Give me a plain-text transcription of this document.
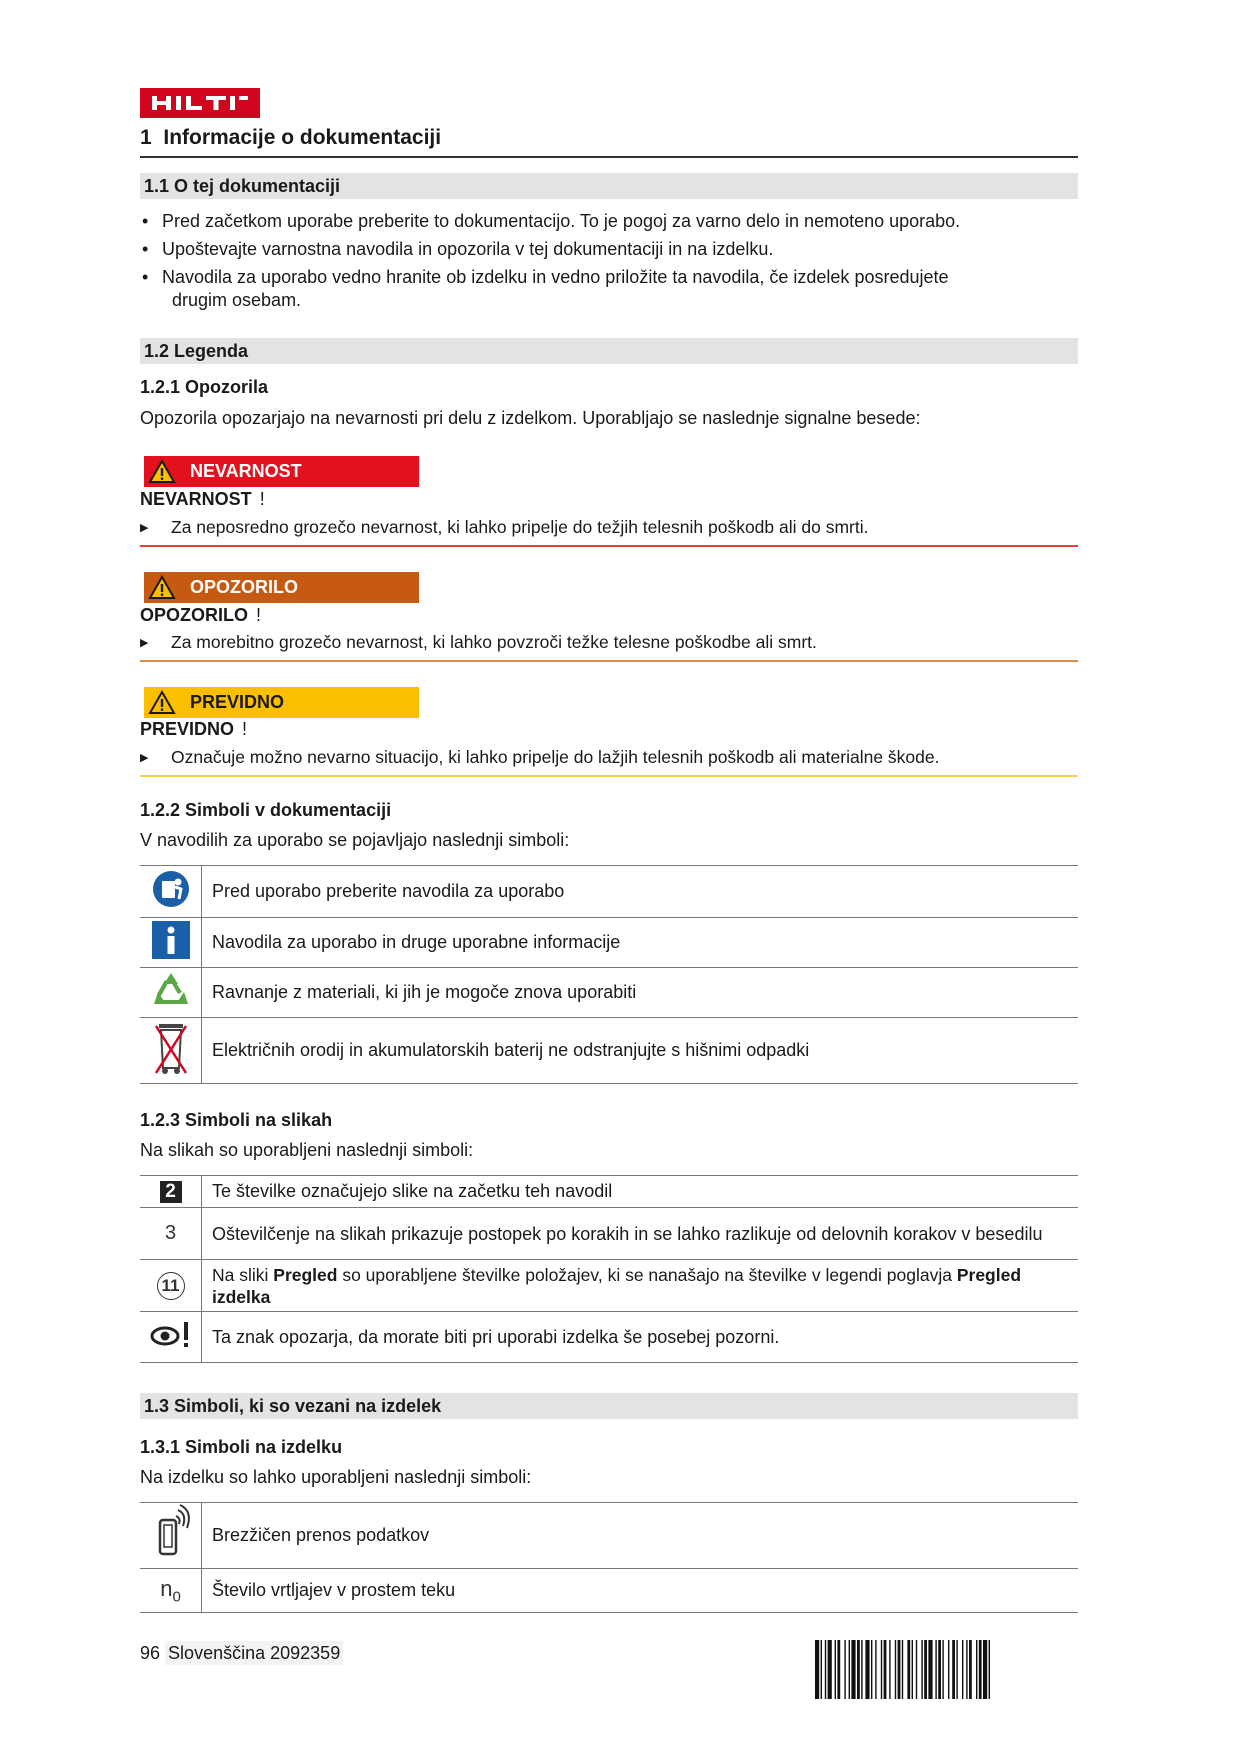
1 Informacije o dokumentaciji
1.1 O tej dokumentaciji
• Pred začetkom uporabe preberite to dokumentacijo. To je pogoj za varno delo in nemoteno uporabo.
• Upoštevajte varnostna navodila in opozorila v tej dokumentaciji in na izdelku.
• Navodila za uporabo vedno hranite ob izdelku in vedno priložite ta navodila, če izdelek posredujete
drugim osebam.
1.2 Legenda
1.2.1 Opozorila
Opozorila opozarjajo na nevarnosti pri delu z izdelkom. Uporabljajo se naslednje signalne besede:
NEVARNOST
NEVARNOST !
▶ Za neposredno grozečo nevarnost, ki lahko pripelje do težjih telesnih poškodb ali do smrti.
OPOZORILO
OPOZORILO !
▶ Za morebitno grozečo nevarnost, ki lahko povzroči težke telesne poškodbe ali smrt.
PREVIDNO
PREVIDNO !
▶ Označuje možno nevarno situacijo, ki lahko pripelje do lažjih telesnih poškodb ali materialne škode.
1.2.2 Simboli v dokumentaciji
V navodilih za uporabo se pojavljajo naslednji simboli:
	Pred uporabo preberite navodila za uporabo
	Navodila za uporabo in druge uporabne informacije
	Ravnanje z materiali, ki jih je mogoče znova uporabiti
	Električnih orodij in akumulatorskih baterij ne odstranjujte s hišnimi odpadki
1.2.3 Simboli na slikah
Na slikah so uporabljeni naslednji simboli:
2	Te številke označujejo slike na začetku teh navodil
3	Oštevilčenje na slikah prikazuje postopek po korakih in se lahko razlikuje od delovnih korakov v besedilu
11	Na sliki Pregled so uporabljene številke položajev, ki se nanašajo na številke v legendi poglavja Pregled izdelka
	Ta znak opozarja, da morate biti pri uporabi izdelka še posebej pozorni.
1.3 Simboli, ki so vezani na izdelek
1.3.1 Simboli na izdelku
Na izdelku so lahko uporabljeni naslednji simboli:
	Brezžičen prenos podatkov
$n_0$	Število vrtljajev v prostem teku
96 Slovenščina 2092359
